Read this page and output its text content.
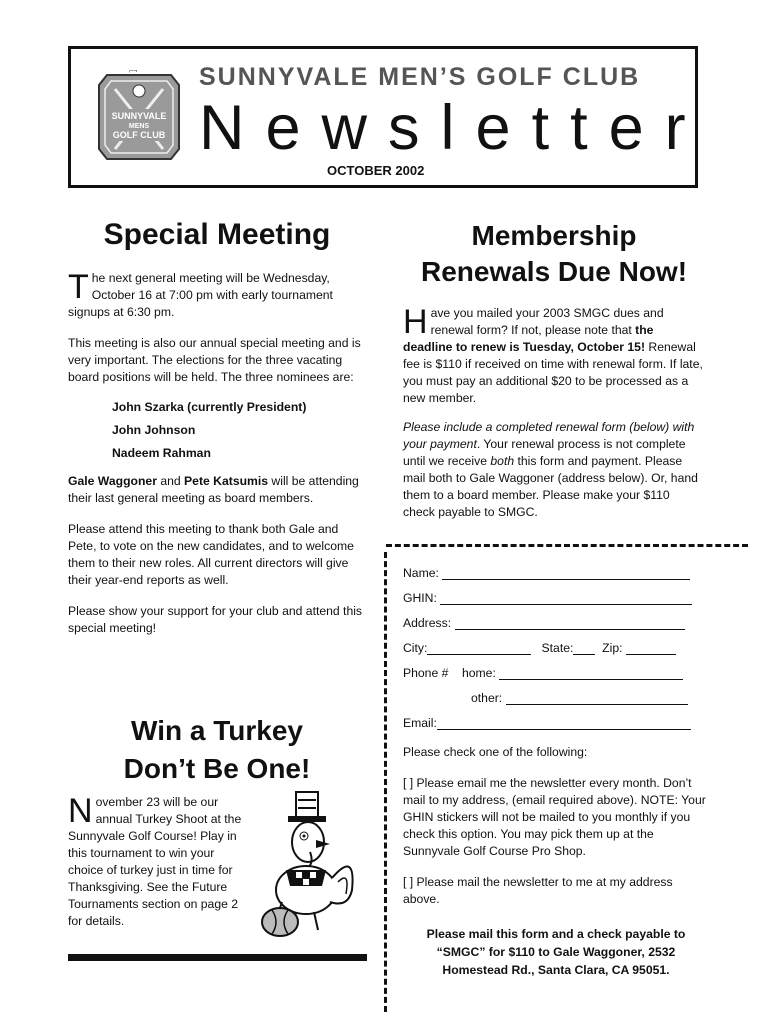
SUNNYVALE
MENS
GOLF CLUB
⌐¬ SUNNYVALE MEN’S GOLF CLUB
Newsletter
OCTOBER 2002
Special Meeting

The next general meeting will be Wednesday, October 16 at 7:00 pm with early tournament signups at 6:30 pm.

This meeting is also our annual special meeting and is very important. The elections for the three vacating board positions will be held. The three nominees are:

John Szarka (currently President)
John Johnson
Nadeem Rahman

Gale Waggoner and Pete Katsumis will be attending their last general meeting as board members.

Please attend this meeting to thank both Gale and Pete, to vote on the new candidates, and to welcome them to their new roles. All current directors will give their year-end reports as well.

Please show your support for your club and attend this special meeting!

Win a Turkey
Don’t Be One!

November 23 will be our annual Turkey Shoot at the Sunnyvale Golf Course! Play in this tournament to win your choice of turkey just in time for Thanksgiving. See the Future Tournaments section on page 2 for details.

Membership
Renewals Due Now!

Have you mailed your 2003 SMGC dues and renewal form? If not, please note that the deadline to renew is Tuesday, October 15! Renewal fee is $110 if received on time with renewal form. If late, you must pay an additional $20 to be processed as a new member.

Please include a completed renewal form (below) with your payment. Your renewal process is not complete until we receive both this form and payment. Please mail both to Gale Waggoner (address below). Or, hand them to a board member. Please make your $110 check payable to SMGC.

Name:
GHIN:
Address:
City:	State: Zip:
Phone # home:
other:
Email:

Please check one of the following:

[ ] Please email me the newsletter every month. Don’t mail to my address, (email required above). NOTE: Your GHIN stickers will not be mailed to you monthly if you check this option. You may pick them up at the Sunnyvale Golf Course Pro Shop.

[ ] Please mail the newsletter to me at my address above.

Please mail this form and a check payable to “SMGC” for $110 to Gale Waggoner, 2532 Homestead Rd., Santa Clara, CA 95051.
